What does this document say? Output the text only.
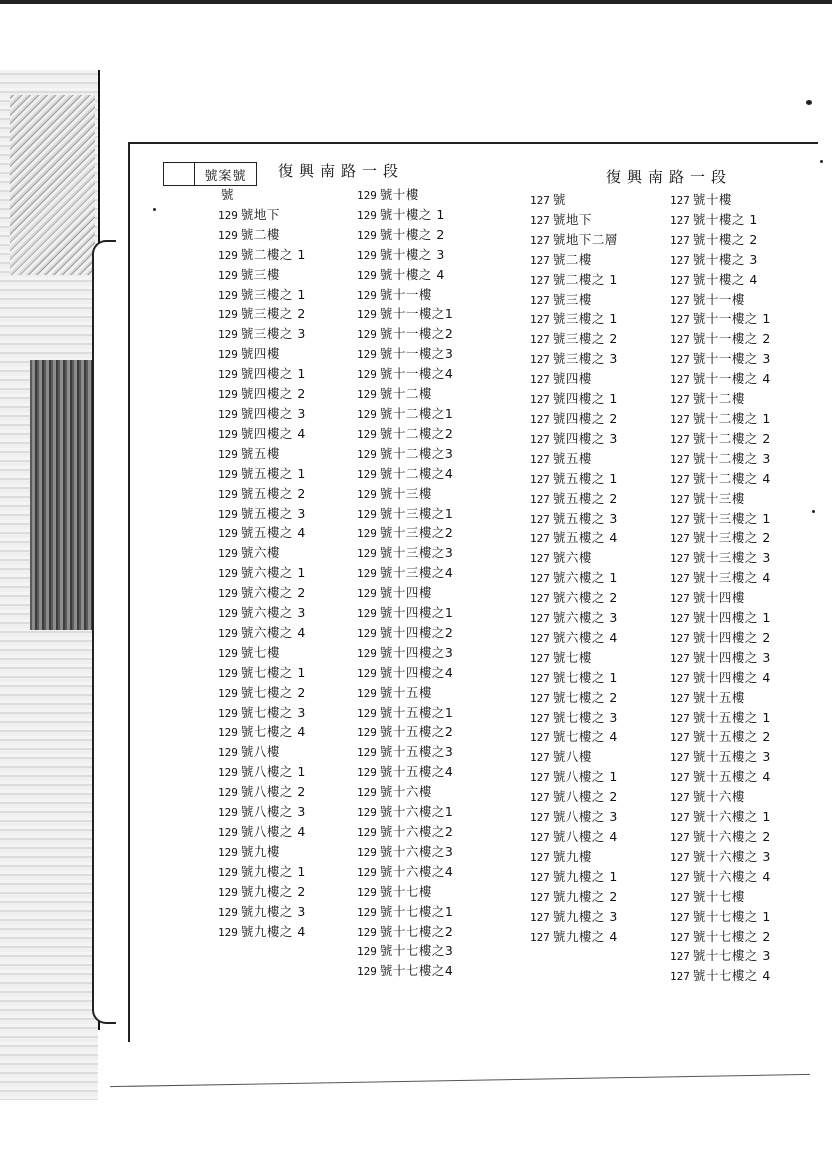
號案號	復興南路一段	復興南路一段
號
129 號地下
129 號二樓
129 號二樓之 1
129 號三樓
129 號三樓之 1
129 號三樓之 2
129 號三樓之 3
129 號四樓
129 號四樓之 1
129 號四樓之 2
129 號四樓之 3
129 號四樓之 4
129 號五樓
129 號五樓之 1
129 號五樓之 2
129 號五樓之 3
129 號五樓之 4
129 號六樓
129 號六樓之 1
129 號六樓之 2
129 號六樓之 3
129 號六樓之 4
129 號七樓
129 號七樓之 1
129 號七樓之 2
129 號七樓之 3
129 號七樓之 4
129 號八樓
129 號八樓之 1
129 號八樓之 2
129 號八樓之 3
129 號八樓之 4
129 號九樓
129 號九樓之 1
129 號九樓之 2
129 號九樓之 3
129 號九樓之 4
129 號十樓
129 號十樓之 1
129 號十樓之 2
129 號十樓之 3
129 號十樓之 4
129 號十一樓
129 號十一樓之1
129 號十一樓之2
129 號十一樓之3
129 號十一樓之4
129 號十二樓
129 號十二樓之1
129 號十二樓之2
129 號十二樓之3
129 號十二樓之4
129 號十三樓
129 號十三樓之1
129 號十三樓之2
129 號十三樓之3
129 號十三樓之4
129 號十四樓
129 號十四樓之1
129 號十四樓之2
129 號十四樓之3
129 號十四樓之4
129 號十五樓
129 號十五樓之1
129 號十五樓之2
129 號十五樓之3
129 號十五樓之4
129 號十六樓
129 號十六樓之1
129 號十六樓之2
129 號十六樓之3
129 號十六樓之4
129 號十七樓
129 號十七樓之1
129 號十七樓之2
129 號十七樓之3
129 號十七樓之4
127 號
127 號地下
127 號地下二層
127 號二樓
127 號二樓之 1
127 號三樓
127 號三樓之 1
127 號三樓之 2
127 號三樓之 3
127 號四樓
127 號四樓之 1
127 號四樓之 2
127 號四樓之 3
127 號五樓
127 號五樓之 1
127 號五樓之 2
127 號五樓之 3
127 號五樓之 4
127 號六樓
127 號六樓之 1
127 號六樓之 2
127 號六樓之 3
127 號六樓之 4
127 號七樓
127 號七樓之 1
127 號七樓之 2
127 號七樓之 3
127 號七樓之 4
127 號八樓
127 號八樓之 1
127 號八樓之 2
127 號八樓之 3
127 號八樓之 4
127 號九樓
127 號九樓之 1
127 號九樓之 2
127 號九樓之 3
127 號九樓之 4
127 號十樓
127 號十樓之 1
127 號十樓之 2
127 號十樓之 3
127 號十樓之 4
127 號十一樓
127 號十一樓之 1
127 號十一樓之 2
127 號十一樓之 3
127 號十一樓之 4
127 號十二樓
127 號十二樓之 1
127 號十二樓之 2
127 號十二樓之 3
127 號十二樓之 4
127 號十三樓
127 號十三樓之 1
127 號十三樓之 2
127 號十三樓之 3
127 號十三樓之 4
127 號十四樓
127 號十四樓之 1
127 號十四樓之 2
127 號十四樓之 3
127 號十四樓之 4
127 號十五樓
127 號十五樓之 1
127 號十五樓之 2
127 號十五樓之 3
127 號十五樓之 4
127 號十六樓
127 號十六樓之 1
127 號十六樓之 2
127 號十六樓之 3
127 號十六樓之 4
127 號十七樓
127 號十七樓之 1
127 號十七樓之 2
127 號十七樓之 3
127 號十七樓之 4
